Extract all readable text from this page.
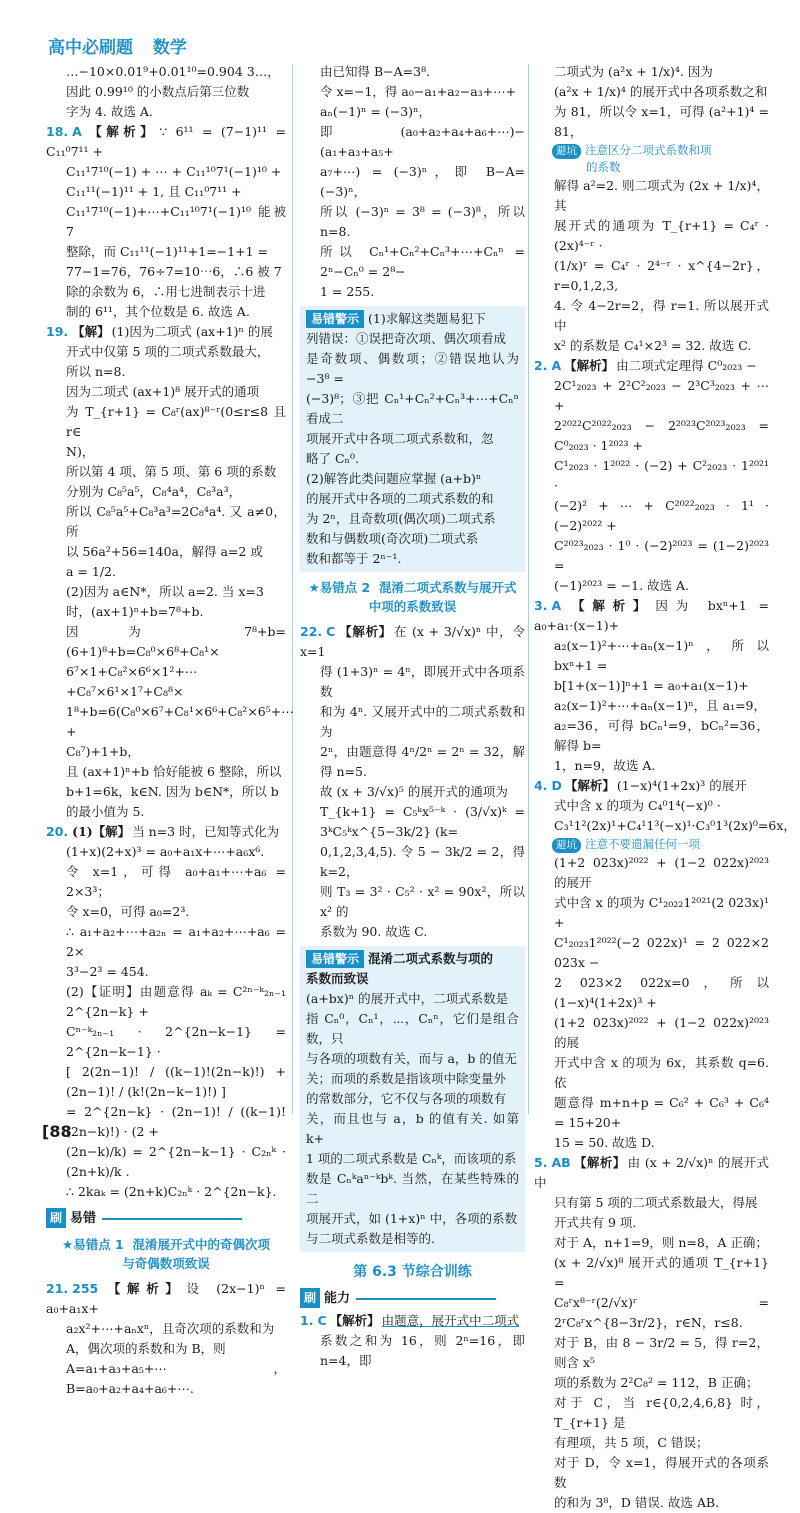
高中必刷题 数学
…−10×0.01⁹+0.01¹⁰=0.904 3…，
因此 0.99¹⁰ 的小数点后第三位数
字为 4. 故选 A.
18. A 【解析】 ∵ 6¹¹ = (7−1)¹¹ = C₁₁⁰7¹¹ +
C₁₁¹7¹⁰(−1) + ⋯ + C₁₁¹⁰7¹(−1)¹⁰ +
C₁₁¹¹(−1)¹¹ + 1, 且 C₁₁⁰7¹¹ +
C₁₁¹7¹⁰(−1)+⋯+C₁₁¹⁰7¹(−1)¹⁰ 能被 7
整除，而 C₁₁¹¹(−1)¹¹+1=−1+1 =
77−1=76，76÷7=10⋯6，∴6 被 7
除的余数为 6，∴用七进制表示十进
制的 6¹¹，其个位数是 6. 故选 A.
19. 【解】 (1)因为二项式 (ax+1)ⁿ 的展
开式中仅第 5 项的二项式系数最大，
所以 n=8.
因为二项式 (ax+1)⁸ 展开式的通项
为 T_{r+1} = C₈ʳ(ax)⁸⁻ʳ(0≤r≤8 且 r∈
N)，
所以第 4 项、第 5 项、第 6 项的系数
分别为 C₈⁵a⁵，C₈⁴a⁴，C₈³a³，
所以 C₈⁵a⁵+C₈³a³=2C₈⁴a⁴. 又 a≠0，所
以 56a²+56=140a，解得 a=2 或
a = 1/2.
(2)因为 a∈N*，所以 a=2. 当 x=3
时，(ax+1)ⁿ+b=7⁸+b.
因为 7⁸+b=(6+1)⁸+b=C₈⁰×6⁸+C₈¹×
6⁷×1+C₈²×6⁶×1²+⋯+C₈⁷×6¹×1⁷+C₈⁸×
1⁸+b=6(C₈⁰×6⁷+C₈¹×6⁶+C₈²×6⁵+⋯+
C₈⁷)+1+b，
且 (ax+1)ⁿ+b 恰好能被 6 整除，所以
b+1=6k，k∈N. 因为 b∈N*，所以 b
的最小值为 5.
20. (1)【解】 当 n=3 时，已知等式化为
(1+x)(2+x)³ = a₀+a₁x+⋯+a₆x⁶.
令 x=1，可得 a₀+a₁+⋯+a₆ = 2×3³；
令 x=0，可得 a₀=2³.
∴ a₁+a₂+⋯+a₂ₙ = a₁+a₂+⋯+a₆ = 2×
3³−2³ = 454.
(2)【证明】由题意得 aₖ = C²ⁿ⁻ᵏ₂ₙ₋₁ 2^{2n−k} +
Cⁿ⁻ᵏ₂ₙ₋₁ · 2^{2n−k−1} = 2^{2n−k−1} ·
[ 2(2n−1)! / ((k−1)!(2n−k)!) + (2n−1)! / (k!(2n−k−1)!) ]
= 2^{2n−k} · (2n−1)! / ((k−1)!(2n−k)!) · (2 +
(2n−k)/k) = 2^{2n−k−1} · C₂ₙᵏ · (2n+k)/k .
∴ 2kaₖ = (2n+k)C₂ₙᵏ · 2^{2n−k}.
刷 易错
★易错点 1 混淆展开式中的奇偶次项
与奇偶数项致误
21. 255 【解析】 设 (2x−1)ⁿ = a₀+a₁x+
a₂x²+⋯+aₙxⁿ，且奇次项的系数和为
A，偶次项的系数和为 B，则
A=a₁+a₃+a₅+⋯，B=a₀+a₂+a₄+a₆+⋯.
由已知得 B−A=3⁸.
令 x=−1，得 a₀−a₁+a₂−a₃+⋯+
aₙ(−1)ⁿ = (−3)ⁿ，
即 (a₀+a₂+a₄+a₆+⋯)−(a₁+a₃+a₅+
a₇+⋯) = (−3)ⁿ，即 B−A=(−3)ⁿ，
所以 (−3)ⁿ = 3⁸ = (−3)⁸，所以 n=8.
所以 Cₙ¹+Cₙ²+Cₙ³+⋯+Cₙⁿ = 2ⁿ−Cₙ⁰ = 2⁸−
1 = 255.
易错警示 (1)求解这类题易犯下
列错误：①误把奇次项、偶次项看成
是奇数项、偶数项；②错误地认为 −3⁸ =
(−3)⁸；③把 Cₙ¹+Cₙ²+Cₙ³+⋯+Cₙⁿ 看成二
项展开式中各项二项式系数和，忽
略了 Cₙ⁰.
(2)解答此类问题应掌握 (a+b)ⁿ
的展开式中各项的二项式系数的和
为 2ⁿ，且奇数项(偶次项)二项式系
数和与偶数项(奇次项)二项式系
数和都等于 2ⁿ⁻¹.
★易错点 2 混淆二项式系数与展开式
中项的系数致误
22. C 【解析】 在 (x + 3/√x)ⁿ 中，令 x=1
得 (1+3)ⁿ = 4ⁿ，即展开式中各项系数
和为 4ⁿ. 又展开式中的二项式系数和为
2ⁿ，由题意得 4ⁿ/2ⁿ = 2ⁿ = 32，解得 n=5.
故 (x + 3/√x)⁵ 的展开式的通项为
T_{k+1} = C₅ᵏx⁵⁻ᵏ · (3/√x)ᵏ = 3ᵏC₅ᵏx^{5−3k/2} (k=
0,1,2,3,4,5). 令 5 − 3k/2 = 2，得 k=2，
则 T₃ = 3² · C₅² · x² = 90x²，所以 x² 的
系数为 90. 故选 C.
易错警示 混淆二项式系数与项的
系数而致误
(a+bx)ⁿ 的展开式中，二项式系数是
指 Cₙ⁰，Cₙ¹，⋯，Cₙⁿ，它们是组合数，只
与各项的项数有关，而与 a，b 的值无
关；而项的系数是指该项中除变量外
的常数部分，它不仅与各项的项数有
关，而且也与 a，b 的值有关. 如第 k+
1 项的二项式系数是 Cₙᵏ，而该项的系
数是 Cₙᵏaⁿ⁻ᵏbᵏ. 当然，在某些特殊的二
项展开式，如 (1+x)ⁿ 中，各项的系数
与二项式系数是相等的.
第 6.3 节综合训练
刷 能力
1. C 【解析】 由题意，展开式中二项式
系数之和为 16，则 2ⁿ=16，即 n=4，即
二项式为 (a²x + 1/x)⁴. 因为
(a²x + 1/x)⁴ 的展开式中各项系数之和
为 81，所以令 x=1，可得 (a²+1)⁴ = 81，
避坑 注意区分二项式系数和项
的系数
解得 a²=2. 则二项式为 (2x + 1/x)⁴，其
展开式的通项为 T_{r+1} = C₄ʳ · (2x)⁴⁻ʳ ·
(1/x)ʳ = C₄ʳ · 2⁴⁻ʳ · x^{4−2r}，r=0,1,2,3,
4. 令 4−2r=2，得 r=1. 所以展开式中
x² 的系数是 C₄¹×2³ = 32. 故选 C.
2. A 【解析】 由二项式定理得 C⁰₂₀₂₃ −
2C¹₂₀₂₃ + 2²C²₂₀₂₃ − 2³C³₂₀₂₃ + ⋯ +
2²⁰²²C²⁰²²₂₀₂₃ − 2²⁰²³C²⁰²³₂₀₂₃ = C⁰₂₀₂₃ · 1²⁰²³ +
C¹₂₀₂₃ · 1²⁰²² · (−2) + C²₂₀₂₃ · 1²⁰²¹ ·
(−2)² + ⋯ + C²⁰²²₂₀₂₃ · 1¹ · (−2)²⁰²² +
C²⁰²³₂₀₂₃ · 1⁰ · (−2)²⁰²³ = (1−2)²⁰²³ =
(−1)²⁰²³ = −1. 故选 A.
3. A 【解析】 因为 bxⁿ+1 = a₀+a₁·(x−1)+
a₂(x−1)²+⋯+aₙ(x−1)ⁿ，所以 bxⁿ+1 =
b[1+(x−1)]ⁿ+1 = a₀+a₁(x−1)+
a₂(x−1)²+⋯+aₙ(x−1)ⁿ，且 a₁=9，
a₂=36，可得 bCₙ¹=9，bCₙ²=36，解得 b=
1，n=9，故选 A.
4. D 【解析】 (1−x)⁴(1+2x)³ 的展开
式中含 x 的项为 C₄⁰1⁴(−x)⁰ ·
C₃¹1²(2x)¹+C₄¹1³(−x)¹·C₃⁰1³(2x)⁰=6x，
避坑 注意不要遗漏任何一项
(1+2 023x)²⁰²² + (1−2 022x)²⁰²³ 的展开
式中含 x 的项为 C¹₂₀₂₂1²⁰²¹(2 023x)¹ +
C¹₂₀₂₃1²⁰²²(−2 022x)¹ = 2 022×2 023x −
2 023×2 022x=0，所以 (1−x)⁴(1+2x)³ +
(1+2 023x)²⁰²² + (1−2 022x)²⁰²³ 的展
开式中含 x 的项为 6x，其系数 q=6. 依
题意得 m+n+p = C₆² + C₆³ + C₆⁴ = 15+20+
15 = 50. 故选 D.
5. AB 【解析】 由 (x + 2/√x)ⁿ 的展开式中
只有第 5 项的二项式系数最大，得展
开式共有 9 项.
对于 A，n+1=9，则 n=8，A 正确；
(x + 2/√x)⁸ 展开式的通项 T_{r+1} =
C₈ʳx⁸⁻ʳ(2/√x)ʳ = 2ʳC₈ʳx^{8−3r/2}，r∈N，r≤8.
对于 B，由 8 − 3r/2 = 5，得 r=2，则含 x⁵
项的系数为 2²C₈² = 112，B 正确；
对于 C，当 r∈{0,2,4,6,8} 时，T_{r+1} 是
有理项，共 5 项，C 错误；
对于 D，令 x=1，得展开式的各项系数
的和为 3⁸，D 错误. 故选 AB.
[ 88
